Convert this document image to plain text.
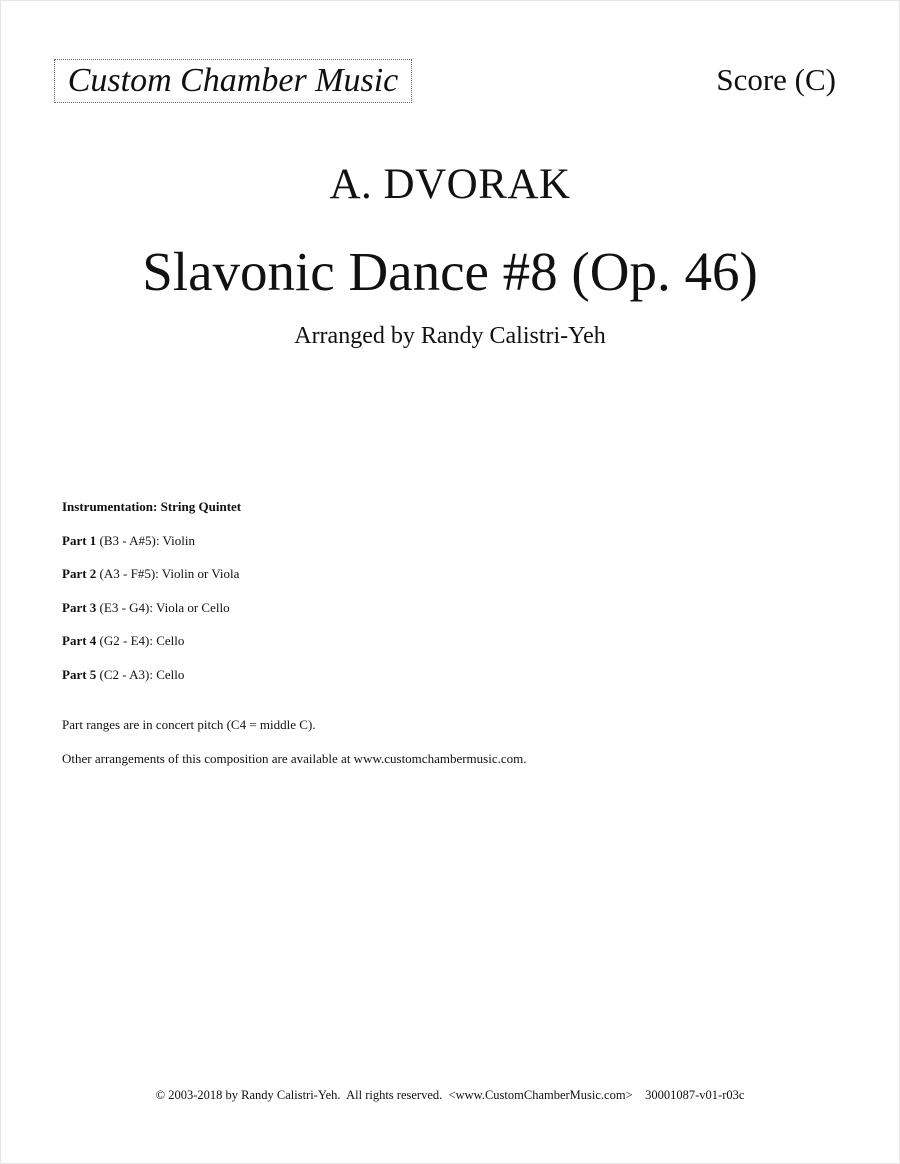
Custom Chamber Music	Score (C)
A. DVORAK
Slavonic Dance #8 (Op. 46)
Arranged by Randy Calistri-Yeh
Instrumentation: String Quintet
Part 1 (B3 - A#5): Violin
Part 2 (A3 - F#5): Violin or Viola
Part 3 (E3 - G4): Viola or Cello
Part 4 (G2 - E4): Cello
Part 5 (C2 - A3): Cello
Part ranges are in concert pitch (C4 = middle C).
Other arrangements of this composition are available at www.customchambermusic.com.
© 2003-2018 by Randy Calistri-Yeh.  All rights reserved. <www.CustomChamberMusic.com> 30001087-v01-r03c
